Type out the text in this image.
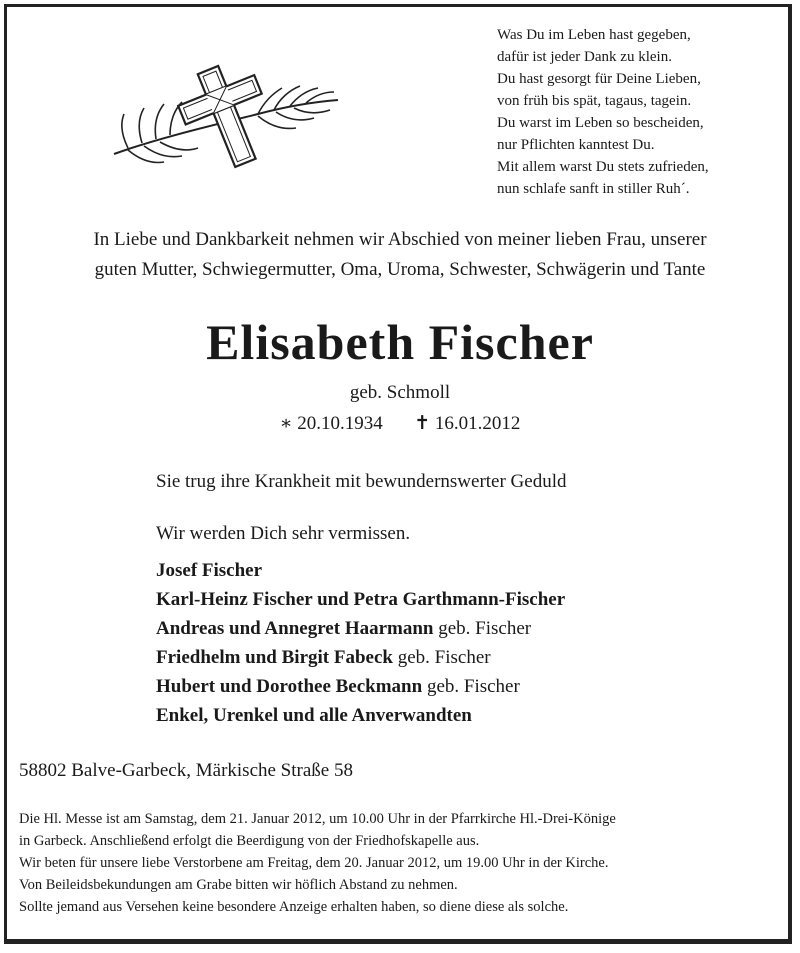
Was Du im Leben hast gegeben,
dafür ist jeder Dank zu klein.
Du hast gesorgt für Deine Lieben,
von früh bis spät, tagaus, tagein.
Du warst im Leben so bescheiden,
nur Pflichten kanntest Du.
Mit allem warst Du stets zufrieden,
nun schlafe sanft in stiller Ruh´.
In Liebe und Dankbarkeit nehmen wir Abschied von meiner lieben Frau, unserer
guten Mutter, Schwiegermutter, Oma, Uroma, Schwester, Schwägerin und Tante
Elisabeth Fischer
geb. Schmoll
∗ 20.10.1934 ✝ 16.01.2012
Sie trug ihre Krankheit mit bewundernswerter Geduld
Wir werden Dich sehr vermissen.
Josef Fischer
Karl-Heinz Fischer und Petra Garthmann-Fischer
Andreas und Annegret Haarmann geb. Fischer
Friedhelm und Birgit Fabeck geb. Fischer
Hubert und Dorothee Beckmann geb. Fischer
Enkel, Urenkel und alle Anverwandten
58802 Balve-Garbeck, Märkische Straße 58
Die Hl. Messe ist am Samstag, dem 21. Januar 2012, um 10.00 Uhr in der Pfarrkirche Hl.-Drei-Könige
in Garbeck. Anschließend erfolgt die Beerdigung von der Friedhofskapelle aus.
Wir beten für unsere liebe Verstorbene am Freitag, dem 20. Januar 2012, um 19.00 Uhr in der Kirche.
Von Beileidsbekundungen am Grabe bitten wir höflich Abstand zu nehmen.
Sollte jemand aus Versehen keine besondere Anzeige erhalten haben, so diene diese als solche.
